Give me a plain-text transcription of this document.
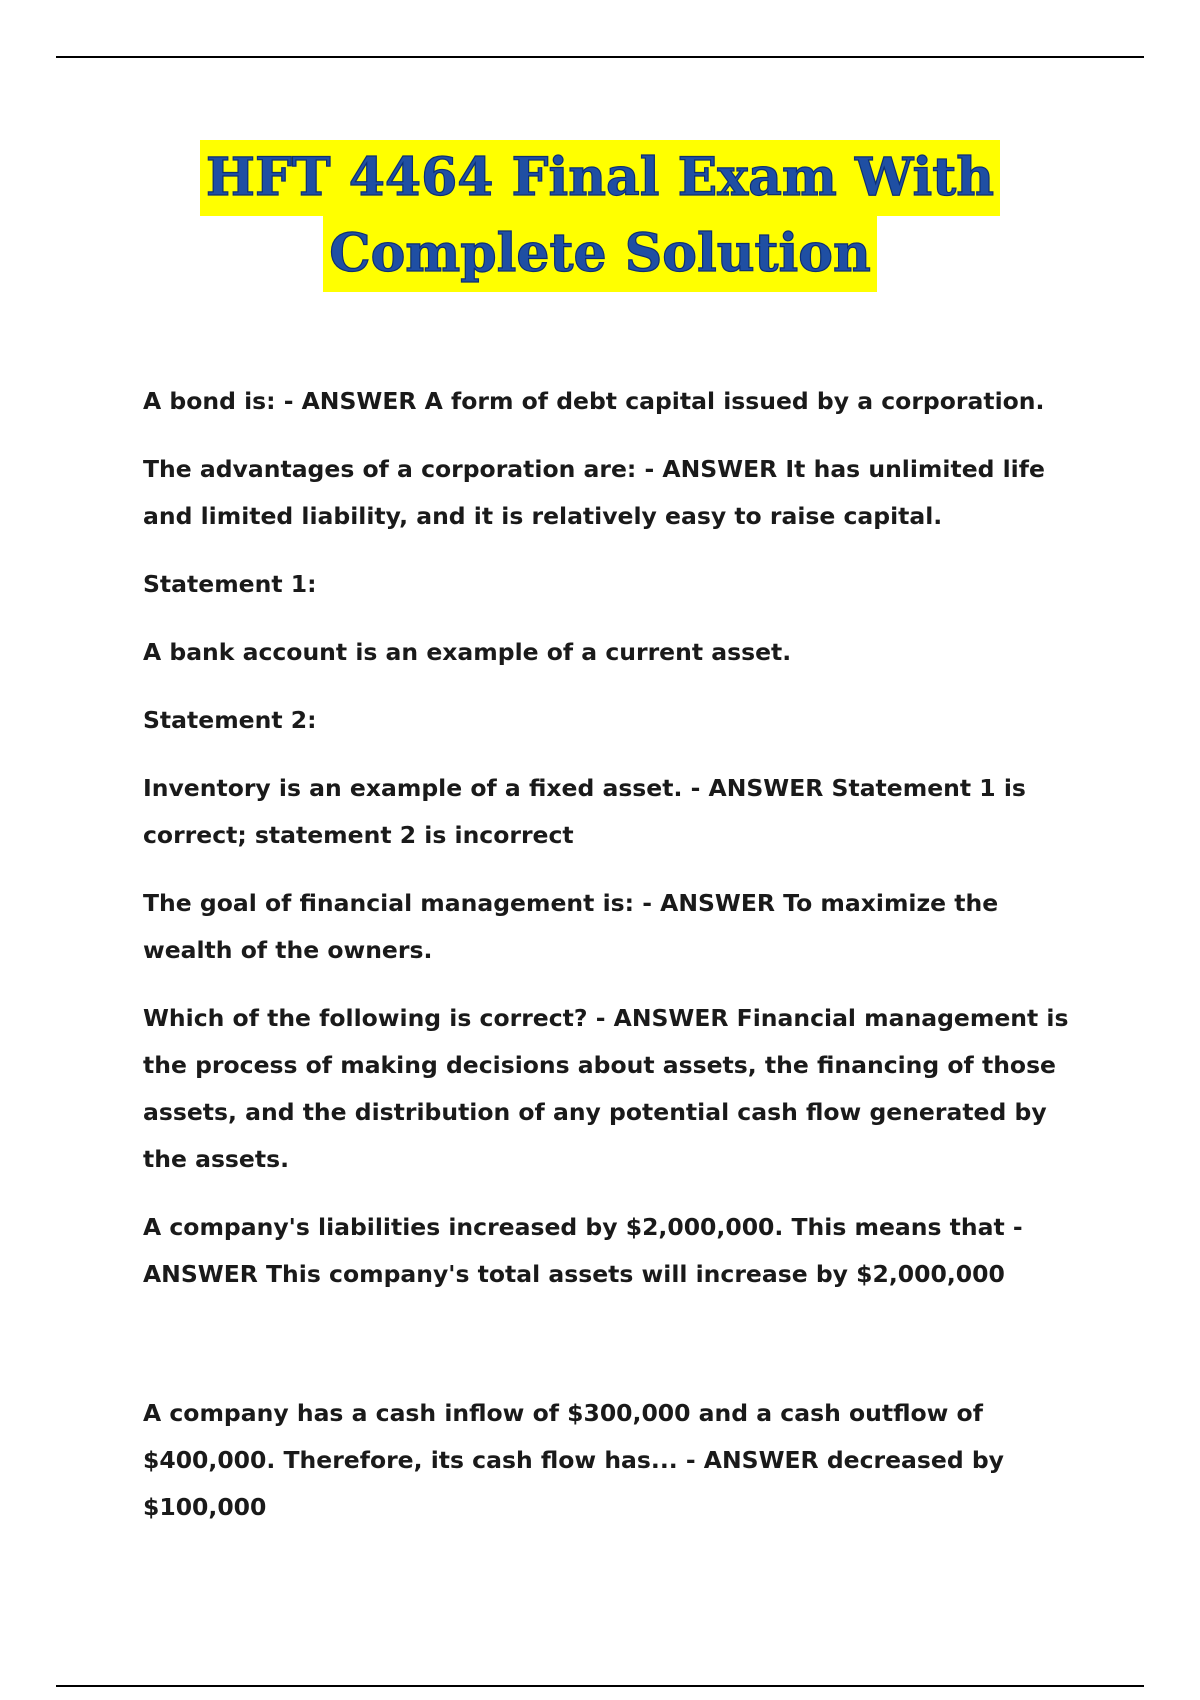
HFT 4464 Final Exam With
Complete Solution

A bond is: - ANSWER A form of debt capital issued by a corporation.

The advantages of a corporation are: - ANSWER It has unlimited life and limited liability, and it is relatively easy to raise capital.

Statement 1:

A bank account is an example of a current asset.

Statement 2:

Inventory is an example of a fixed asset. - ANSWER Statement 1 is correct; statement 2 is incorrect

The goal of financial management is: - ANSWER To maximize the wealth of the owners.

Which of the following is correct? - ANSWER Financial management is the process of making decisions about assets, the financing of those assets, and the distribution of any potential cash flow generated by the assets.

A company's liabilities increased by $2,000,000. This means that - ANSWER This company's total assets will increase by $2,000,000

A company has a cash inflow of $300,000 and a cash outflow of $400,000. Therefore, its cash flow has... - ANSWER decreased by $100,000
